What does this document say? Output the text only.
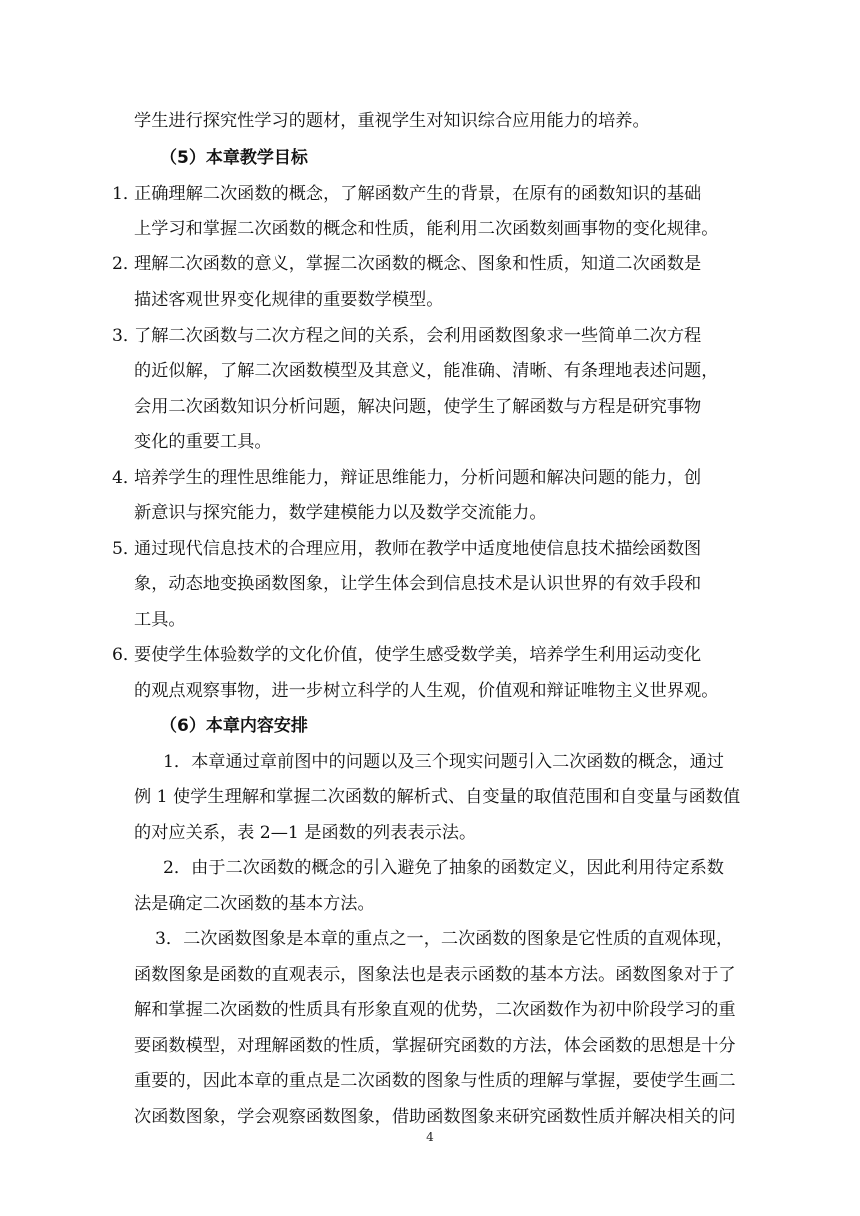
学生进行探究性学习的题材，重视学生对知识综合应用能力的培养。
（5）本章教学目标
1．正确理解二次函数的概念，了解函数产生的背景，在原有的函数知识的基础
上学习和掌握二次函数的概念和性质，能利用二次函数刻画事物的变化规律。
2．理解二次函数的意义，掌握二次函数的概念、图象和性质，知道二次函数是
描述客观世界变化规律的重要数学模型。
3．了解二次函数与二次方程之间的关系，会利用函数图象求一些简单二次方程
的近似解，了解二次函数模型及其意义，能准确、清晰、有条理地表述问题，
会用二次函数知识分析问题，解决问题，使学生了解函数与方程是研究事物
变化的重要工具。
4．培养学生的理性思维能力，辩证思维能力，分析问题和解决问题的能力，创
新意识与探究能力，数学建模能力以及数学交流能力。
5．通过现代信息技术的合理应用，教师在教学中适度地使信息技术描绘函数图
象，动态地变换函数图象，让学生体会到信息技术是认识世界的有效手段和
工具。
6．要使学生体验数学的文化价值，使学生感受数学美，培养学生利用运动变化
的观点观察事物，进一步树立科学的人生观，价值观和辩证唯物主义世界观。
（6）本章内容安排
1．本章通过章前图中的问题以及三个现实问题引入二次函数的概念，通过
例 1 使学生理解和掌握二次函数的解析式、自变量的取值范围和自变量与函数值
的对应关系，表 2—1 是函数的列表表示法。
2．由于二次函数的概念的引入避免了抽象的函数定义，因此利用待定系数
法是确定二次函数的基本方法。
3．二次函数图象是本章的重点之一，二次函数的图象是它性质的直观体现，
函数图象是函数的直观表示，图象法也是表示函数的基本方法。函数图象对于了
解和掌握二次函数的性质具有形象直观的优势，二次函数作为初中阶段学习的重
要函数模型，对理解函数的性质，掌握研究函数的方法，体会函数的思想是十分
重要的，因此本章的重点是二次函数的图象与性质的理解与掌握，要使学生画二
次函数图象，学会观察函数图象，借助函数图象来研究函数性质并解决相关的问
4
